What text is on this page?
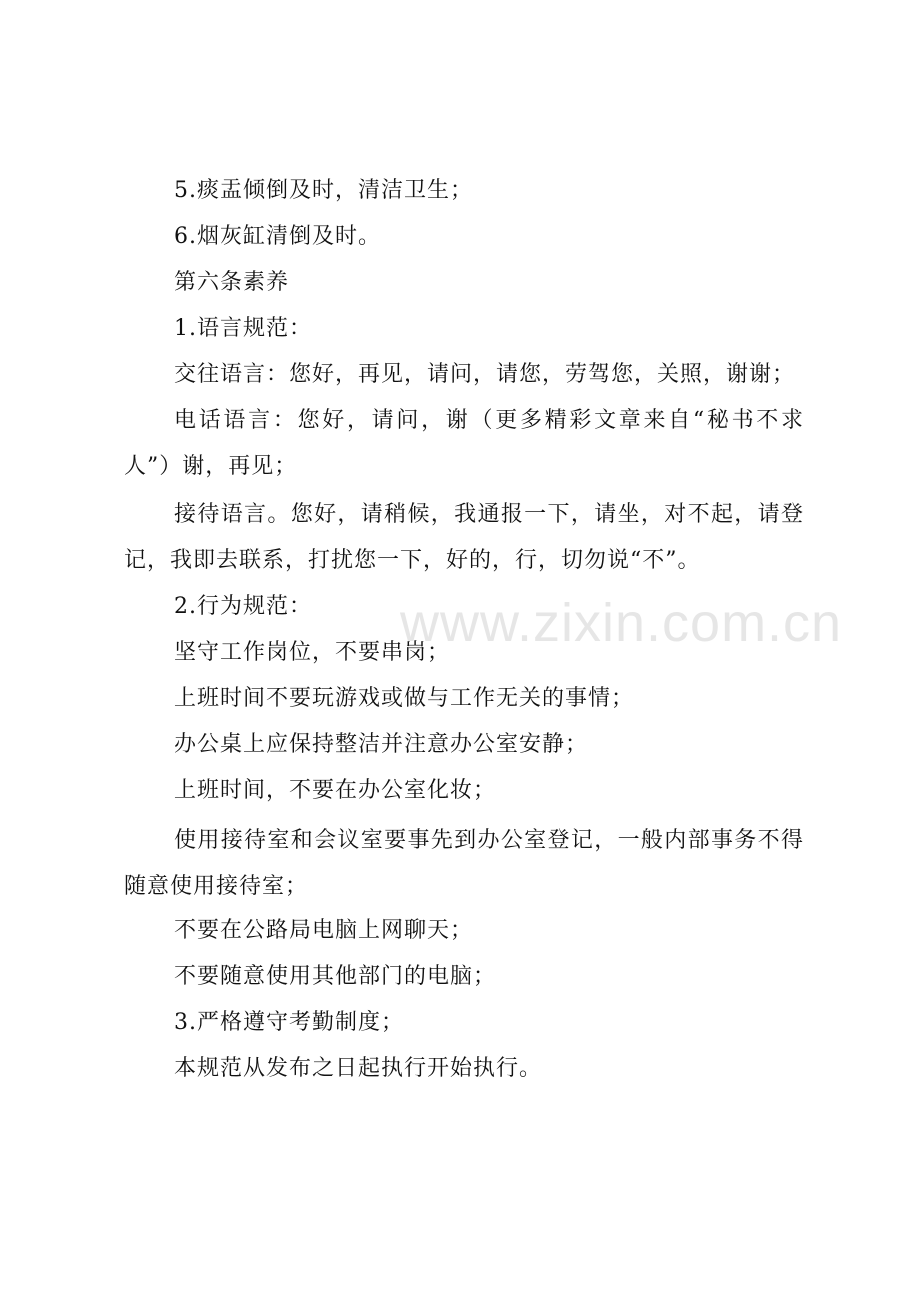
5.痰盂倾倒及时，清洁卫生；

6.烟灰缸清倒及时。

第六条素养

1.语言规范：

交往语言：您好，再见，请问，请您，劳驾您，关照，谢谢；

电话语言：您好，请问，谢（更多精彩文章来自“秘书不求人”）谢，再见；

接待语言。您好，请稍候，我通报一下，请坐，对不起，请登记，我即去联系，打扰您一下，好的，行，切勿说“不”。

2.行为规范：

坚守工作岗位，不要串岗；

上班时间不要玩游戏或做与工作无关的事情；

办公桌上应保持整洁并注意办公室安静；

上班时间，不要在办公室化妆；

使用接待室和会议室要事先到办公室登记，一般内部事务不得随意使用接待室；

不要在公路局电脑上网聊天；

不要随意使用其他部门的电脑；

3.严格遵守考勤制度；

本规范从发布之日起执行开始执行。

www.zixin.com.cn
